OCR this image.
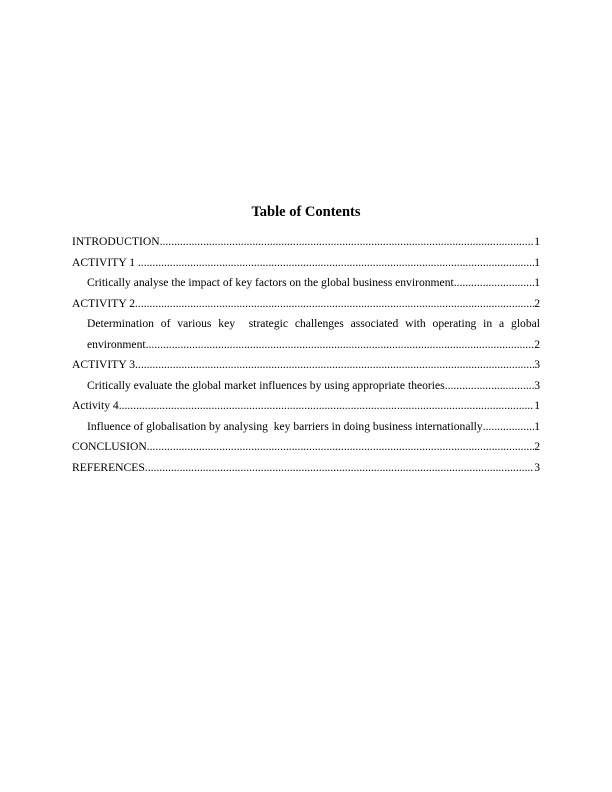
Table of Contents
INTRODUCTION .....	1
ACTIVITY 1 .....	1
Critically analyse the impact of key factors on the global business environment .....	1
ACTIVITY 2 .....	2
Determination of various key  strategic challenges associated with operating in a global
environment .....	2
ACTIVITY 3 .....	3
Critically evaluate the global market influences by using appropriate theories .....	3
Activity 4 .....	1
Influence of globalisation by analysing  key barriers in doing business internationally .....	1
CONCLUSION .....	2
REFERENCES .....	3
